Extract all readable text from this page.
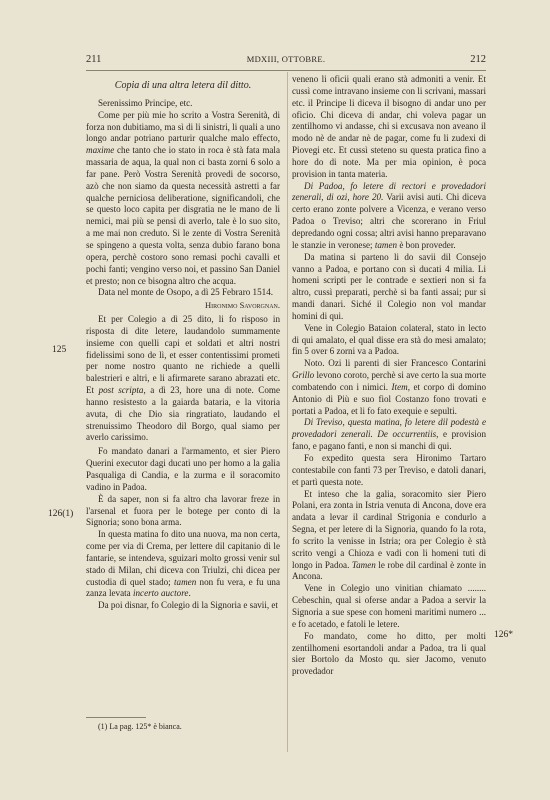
211	MDXIII, OTTOBRE.	212
125
126(1)
126*

Copia di una altra letera dil ditto.

Serenissimo Principe, etc.

Come per più mie ho scrito a Vostra Serenità, di forza non dubitiamo, ma sì di li sinistri, li quali a uno longo andar potriano parturir qualche malo effecto, maxime che tanto che io stato in roca è stà fata mala massaria de aqua, la qual non ci basta zorni 6 solo a far pane. Però Vostra Serenità provedi de socorso, azò che non siamo da questa necessità astretti a far qualche perniciosa deliberatione, significandoli, che se questo loco capita per disgratia ne le mano de li nemici, mai più se pensi di averlo, tale è lo suo sito, a me mai non creduto. Si le zente di Vostra Serenità se spingeno a questa volta, senza dubio farano bona opera, perchè costoro sono remasi pochi cavalli et pochi fanti; vengino verso noi, et passino San Daniel et presto; non ce bisogna altro che acqua.

Data nel monte de Osopo, a dì 25 Febraro 1514.

Hironimo Savorgnan.

Et per Colegio a dì 25 dito, li fo risposo in risposta di dite letere, laudandolo summamente insieme con quelli capi et soldati et altri nostri fidelissimi sono de lì, et esser contentissimi prometi per nome nostro quanto ne richiede a quelli balestrieri e altri, e li afirmarete sarano abrazati etc. Et post scripta, a dì 23, hore una di note. Come hanno resistesto a la gaiarda bataria, e la vitoria avuta, di che Dio sia ringratiato, laudando el strenuissimo Theodoro dil Borgo, qual siamo per averlo carissimo.

Fo mandato danari a l'armamento, et sier Piero Querini executor dagi ducati uno per homo a la galia Pasqualiga di Candia, e la zurma e il soracomito vadino in Padoa.

È da saper, non si fa altro cha lavorar freze in l'arsenal et fuora per le botege per conto di la Signoria; sono bona arma.

In questa matina fo dito una nuova, ma non certa, come per via di Crema, per lettere dil capitanio di le fantarie, se intendeva, sguizari molto grossi venir sul stado di Milan, chi diceva con Triulzi, chi dicea per custodia di quel stado; tamen non fu vera, e fu una zanza levata incerto auctore.

Da poi disnar, fo Colegio di la Signoria e savii, et

veneno li oficii quali erano stà admoniti a venir. Et cussì come intravano insieme con li scrivani, massari etc. il Principe li diceva il bisogno di andar uno per oficio. Chi diceva di andar, chi voleva pagar un zentilhomo vi andasse, chi si excusava non aveano il modo nè de andar nè de pagar, come fu li zudexi di Piovegi etc. Et cussì steteno su questa pratica fino a hore do di note. Ma per mia opinion, è poca provision in tanta materia.

Di Padoa, fo letere di rectori e provedadori zenerali, di ozi, hore 20. Varii avisi auti. Chi diceva certo erano zonte polvere a Vicenza, e verano verso Padoa o Treviso; altri che scorerano in Friul depredando ogni cossa; altri avisi hanno preparavano le stanzie in veronese; tamen è bon proveder.

Da matina si parteno li do savii dil Consejo vanno a Padoa, e portano con sì ducati 4 milia. Li homeni scripti per le contrade e sextieri non si fa altro, cussì preparati, perchè si ba fanti assai; pur si mandi danari. Siché il Colegio non vol mandar homini di qui.

Vene in Colegio Bataion colateral, stato in lecto di qui amalato, el qual disse era stà do mesi amalato; fin 5 over 6 zorni va a Padoa.

Noto. Ozi li parenti di sier Francesco Contarini Grillo levono coroto, perchè si ave certo la sua morte combatendo con i nimici. Item, et corpo di domino Antonio di Più e suo fiol Costanzo fono trovati e portati a Padoa, et li fo fato exequie e sepulti.

Di Treviso, questa matina, fo letere dil podestà e provedadori zenerali. De occurrentiis, e provision fano, e pagano fanti, e non si manchi di qui.

Fo expedito questa sera Hironimo Tartaro contestabile con fanti 73 per Treviso, e datoli danari, et partì questa note.

Et inteso che la galia, soracomito sier Piero Polani, era zonta in Istria venuta di Ancona, dove era andata a levar il cardinal Strigonia e condurlo a Segna, et per letere di la Signoria, quando fo la rota, fo scrito la venisse in Istria; ora per Colegio è stà scrito vengi a Chioza e vadi con li homeni tuti di longo in Padoa. Tamen le robe dil cardinal è zonte in Ancona.

Vene in Colegio uno vinitian chiamato ........ Cebeschin, qual si oferse andar a Padoa a servir la Signoria a sue spese con homeni maritimi numero ... e fo acetado, e fatoli le letere.

Fo mandato, come ho ditto, per molti zentilhomeni esortandoli andar a Padoa, tra li qual sier Bortolo da Mosto qu. sier Jacomo, venuto provedador

(1) La pag. 125* è bianca.
